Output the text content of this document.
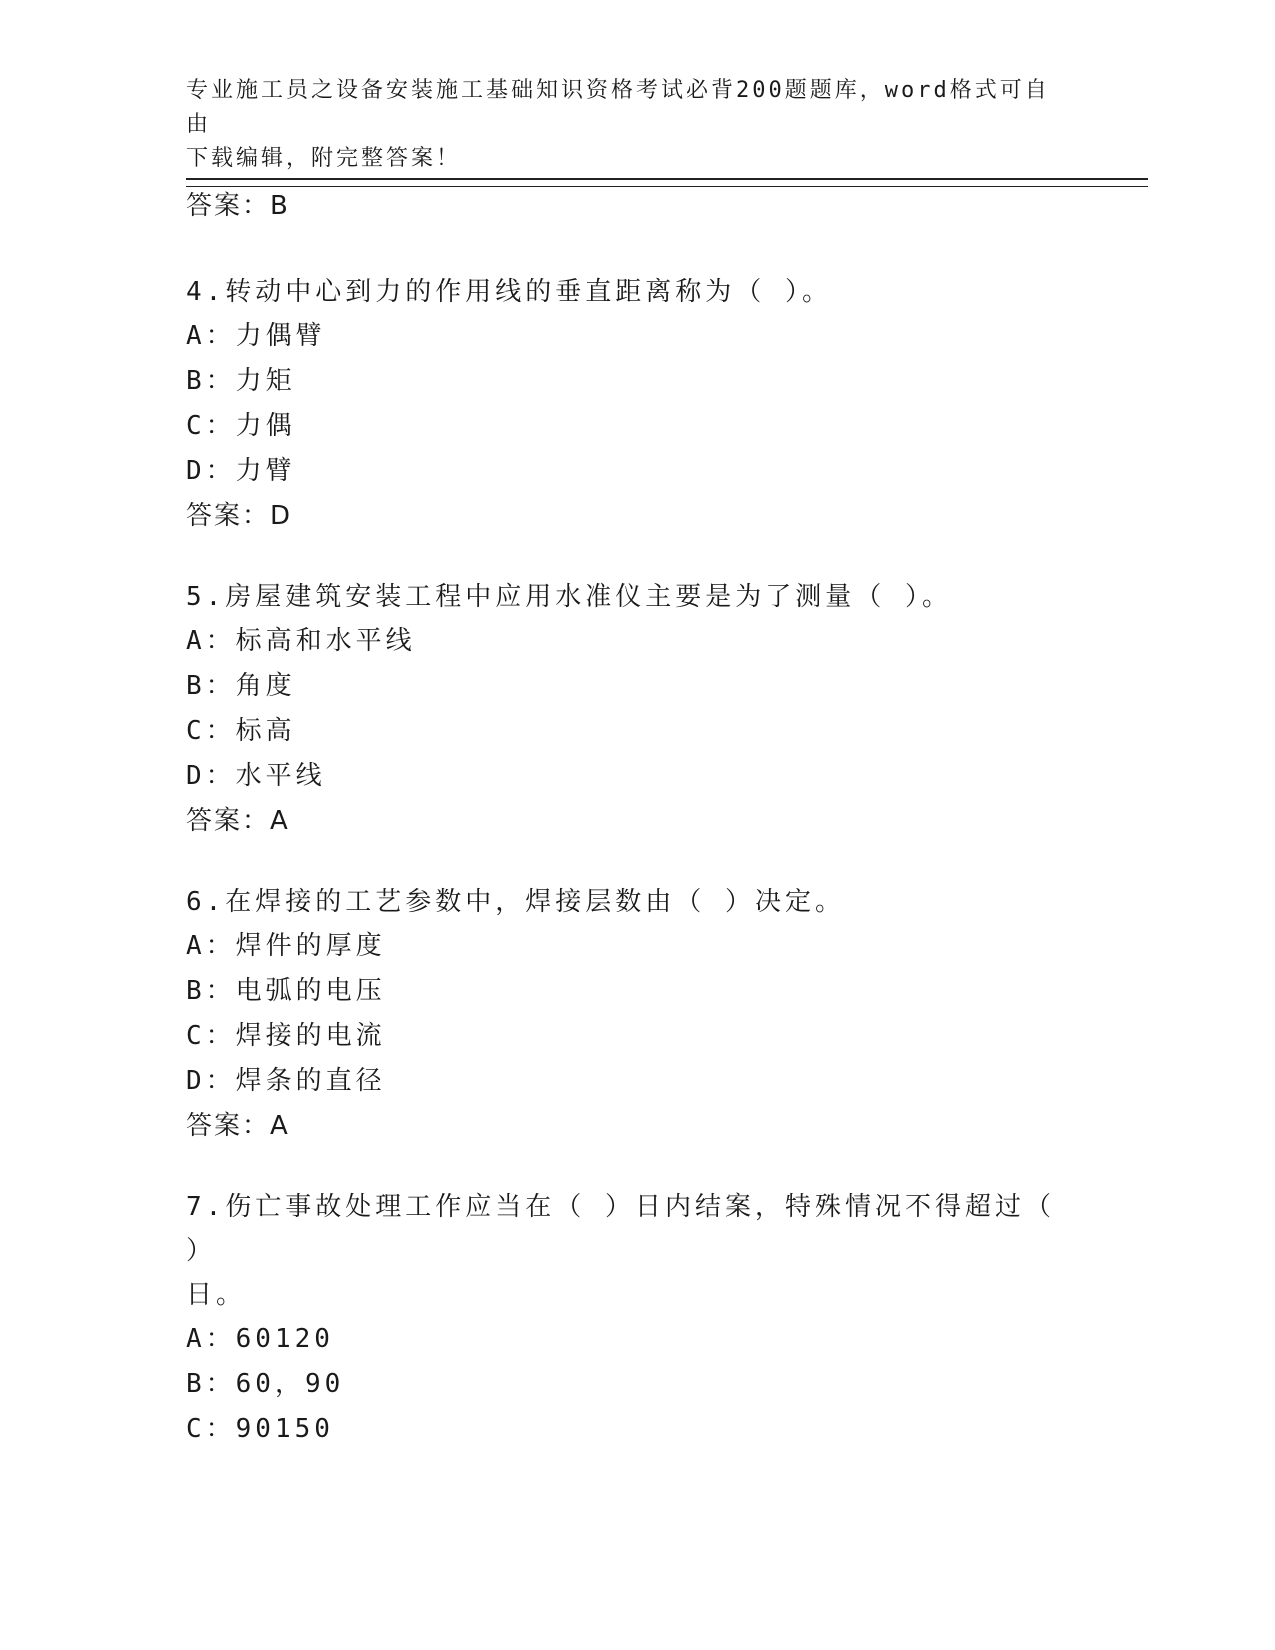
专业施工员之设备安装施工基础知识资格考试必背200题题库，word格式可自由
下载编辑，附完整答案！
答案：B
4.转动中心到力的作用线的垂直距离称为（ ）。
A：力偶臂
B：力矩
C：力偶
D：力臂
答案：D
5.房屋建筑安装工程中应用水准仪主要是为了测量（ ）。
A：标高和水平线
B：角度
C：标高
D：水平线
答案：A
6.在焊接的工艺参数中，焊接层数由（ ）决定。
A：焊件的厚度
B：电弧的电压
C：焊接的电流
D：焊条的直径
答案：A
7.伤亡事故处理工作应当在（ ）日内结案，特殊情况不得超过（ ）
日。
A：60120
B：60，90
C：90150
